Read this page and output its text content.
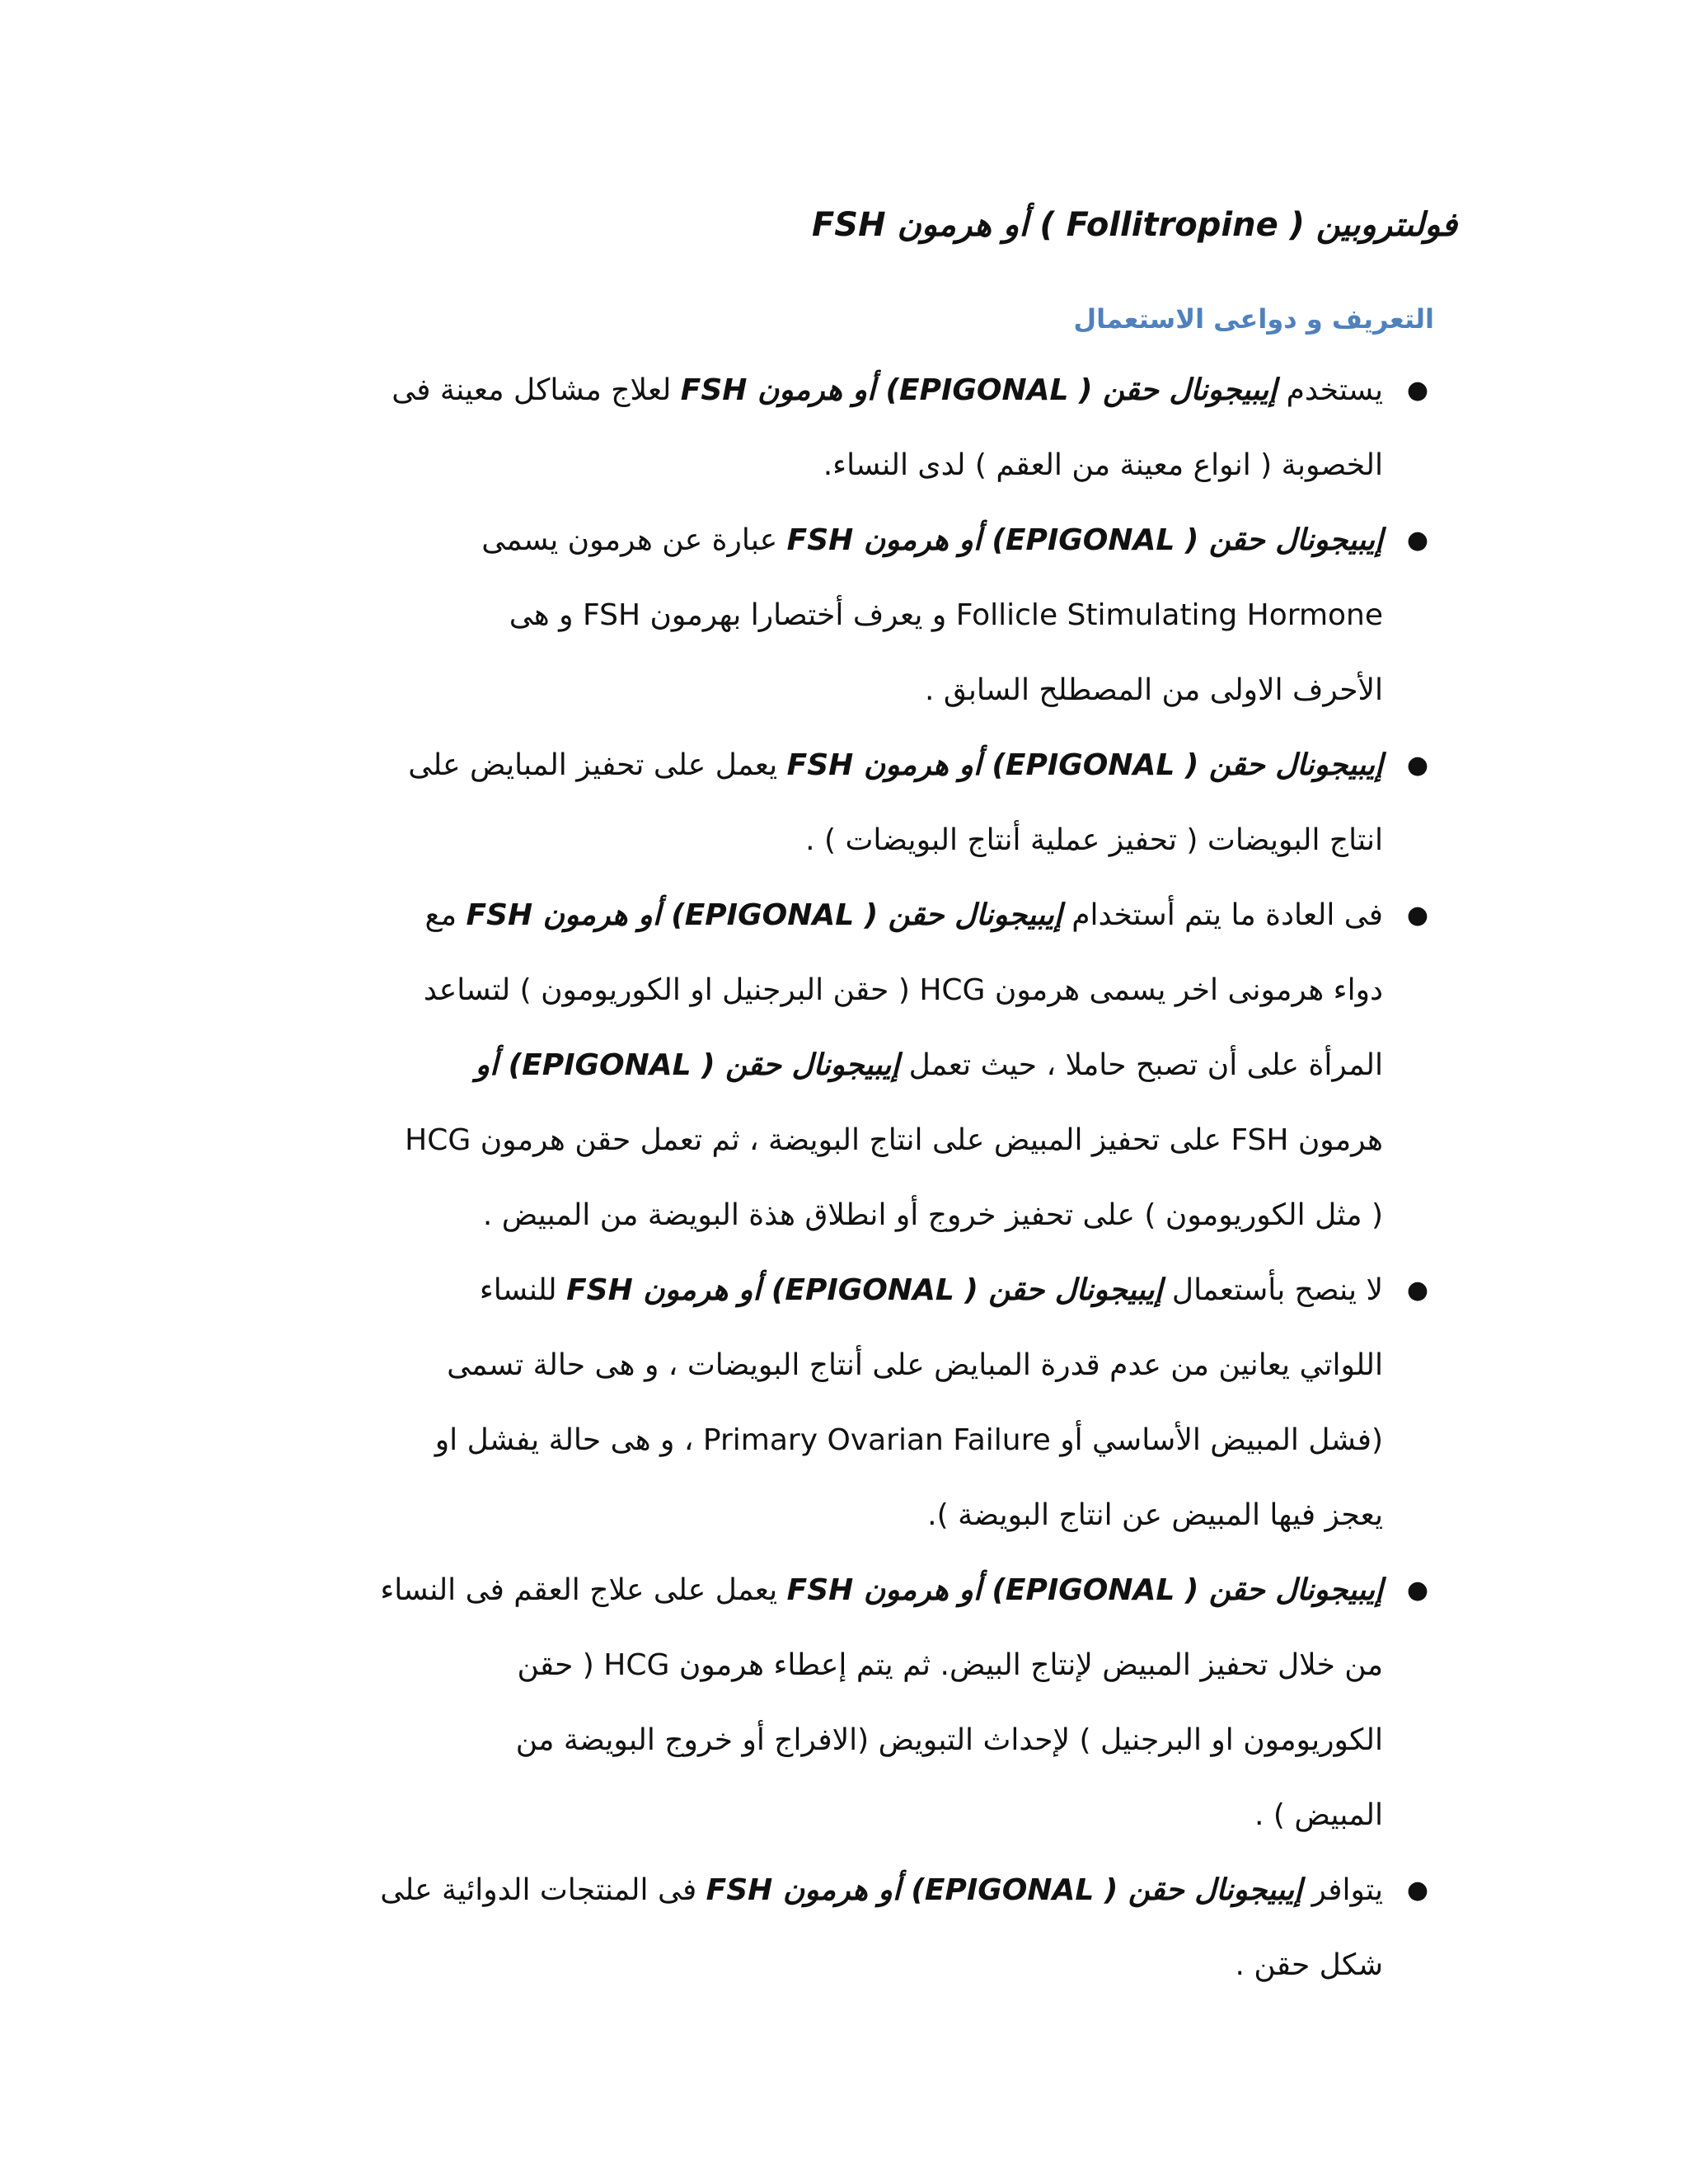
فولىتروبين ( Follitropine ) أو هرمون FSH
التعريف و دواعى الاستعمال
●
يستخدم إيبيجونال حقن ( EPIGONAL) أو هرمون FSH لعلاج مشاكل معينة فى
الخصوبة ( انواع معينة من العقم ) لدى النساء.
●
إيبيجونال حقن ( EPIGONAL) أو هرمون FSH عبارة عن هرمون يسمى
Follicle Stimulating Hormone و يعرف أختصارا بهرمون FSH و هى
الأحرف الاولى من المصطلح السابق .
●
إيبيجونال حقن ( EPIGONAL) أو هرمون FSH يعمل على تحفيز المبايض على
انتاج البويضات ( تحفيز عملية أنتاج البويضات ) .
●
فى العادة ما يتم أستخدام إيبيجونال حقن ( EPIGONAL) أو هرمون FSH مع
دواء هرمونى اخر يسمى هرمون HCG ( حقن البرجنيل او الكوريومون ) لتساعد
المرأة على أن تصبح حاملا ، حيث تعمل إيبيجونال حقن ( EPIGONAL) أو
هرمون FSH على تحفيز المبيض على انتاج البويضة ، ثم تعمل حقن هرمون HCG
( مثل الكوريومون ) على تحفيز خروج أو انطلاق هذة البويضة من المبيض .
●
لا ينصح بأستعمال إيبيجونال حقن ( EPIGONAL) أو هرمون FSH للنساء
اللواتي يعانين من عدم قدرة المبايض على أنتاج البويضات ، و هى حالة تسمى
(فشل المبيض الأساسي أو Primary Ovarian Failure ، و هى حالة يفشل او
يعجز فيها المبيض عن انتاج البويضة ).
●
إيبيجونال حقن ( EPIGONAL) أو هرمون FSH يعمل على علاج العقم فى النساء
من خلال تحفيز المبيض لإنتاج البيض. ثم يتم إعطاء هرمون HCG ( حقن
الكوريومون او البرجنيل ) لإحداث التبويض (الافراج أو خروج البويضة من
المبيض ) .
●
يتوافر إيبيجونال حقن ( EPIGONAL) أو هرمون FSH فى المنتجات الدوائية على
شكل حقن .
